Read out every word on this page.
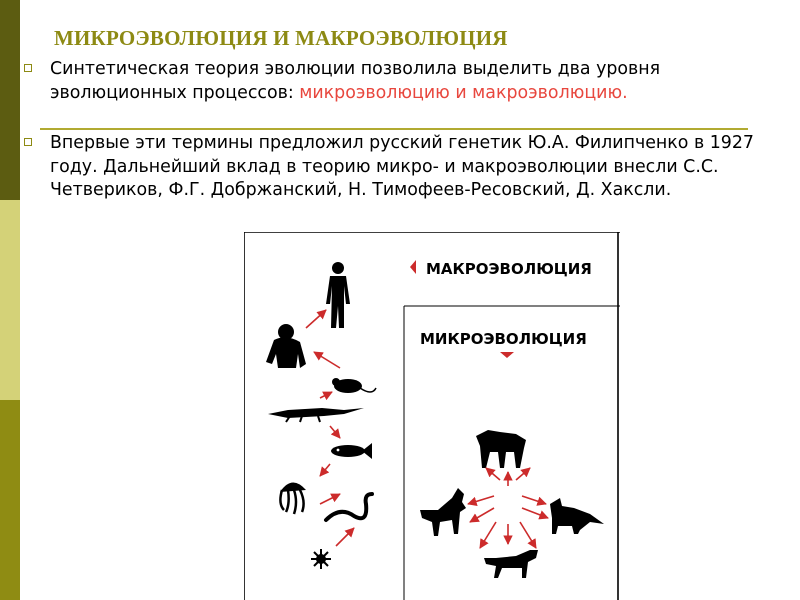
МИКРОЭВОЛЮЦИЯ И МАКРОЭВОЛЮЦИЯ
Синтетическая теория эволюции позволила выделить два уровня эволюционных процессов: микроэволюцию и макроэволюцию.
Впервые эти термины предложил русский генетик Ю.А. Филипченко в 1927 году. Дальнейший вклад в теорию микро- и макроэволюции внесли С.С. Четвериков, Ф.Г. Добржанский, Н. Тимофеев-Ресовский, Д. Хаксли.
МАКРОЭВОЛЮЦИЯ
МИКРОЭВОЛЮЦИЯ
